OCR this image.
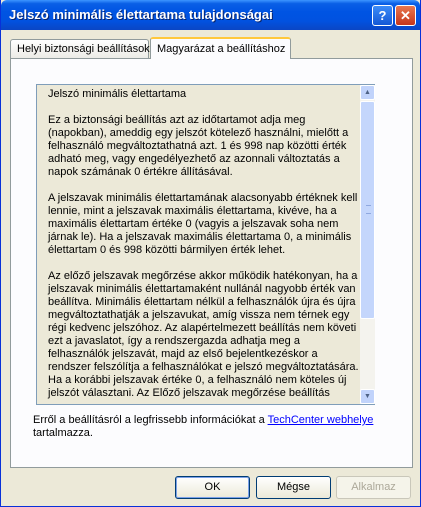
Jelszó minimális élettartama tulajdonságai	?	✕
Helyi biztonsági beállítások Magyarázat a beállításhoz

Jelszó minimális élettartama

Ez a biztonsági beállítás azt az időtartamot adja meg (napokban), ameddig egy jelszót kötelező használni, mielőtt a felhasználó megváltoztathatná azt. 1 és 998 nap közötti érték adható meg, vagy engedélyezhető az azonnali változtatás a napok számának 0 értékre állításával.

A jelszavak minimális élettartamának alacsonyabb értéknek kell lennie, mint a jelszavak maximális élettartama, kivéve, ha a maximális élettartam értéke 0 (vagyis a jelszavak soha nem járnak le). Ha a jelszavak maximális élettartama 0, a minimális élettartam 0 és 998 közötti bármilyen érték lehet.

Az előző jelszavak megőrzése akkor működik hatékonyan, ha a jelszavak minimális élettartamaként nullánál nagyobb érték van beállítva. Minimális élettartam nélkül a felhasználók újra és újra megváltoztathatják a jelszavukat, amíg vissza nem térnek egy régi kedvenc jelszóhoz. Az alapértelmezett beállítás nem követi ezt a javaslatot, így a rendszergazda adhatja meg a felhasználók jelszavát, majd az első bejelentkezéskor a rendszer felszólítja a felhasználókat e jelszó megváltoztatására. Ha a korábbi jelszavak értéke 0, a felhasználó nem köteles új jelszót választani. Az Előző jelszavak megőrzése beállítás

▲
▼
Erről a beállításról a legfrissebb információkat a TechCenter webhelye
tartalmazza.
OK	Mégse	Alkalmaz
